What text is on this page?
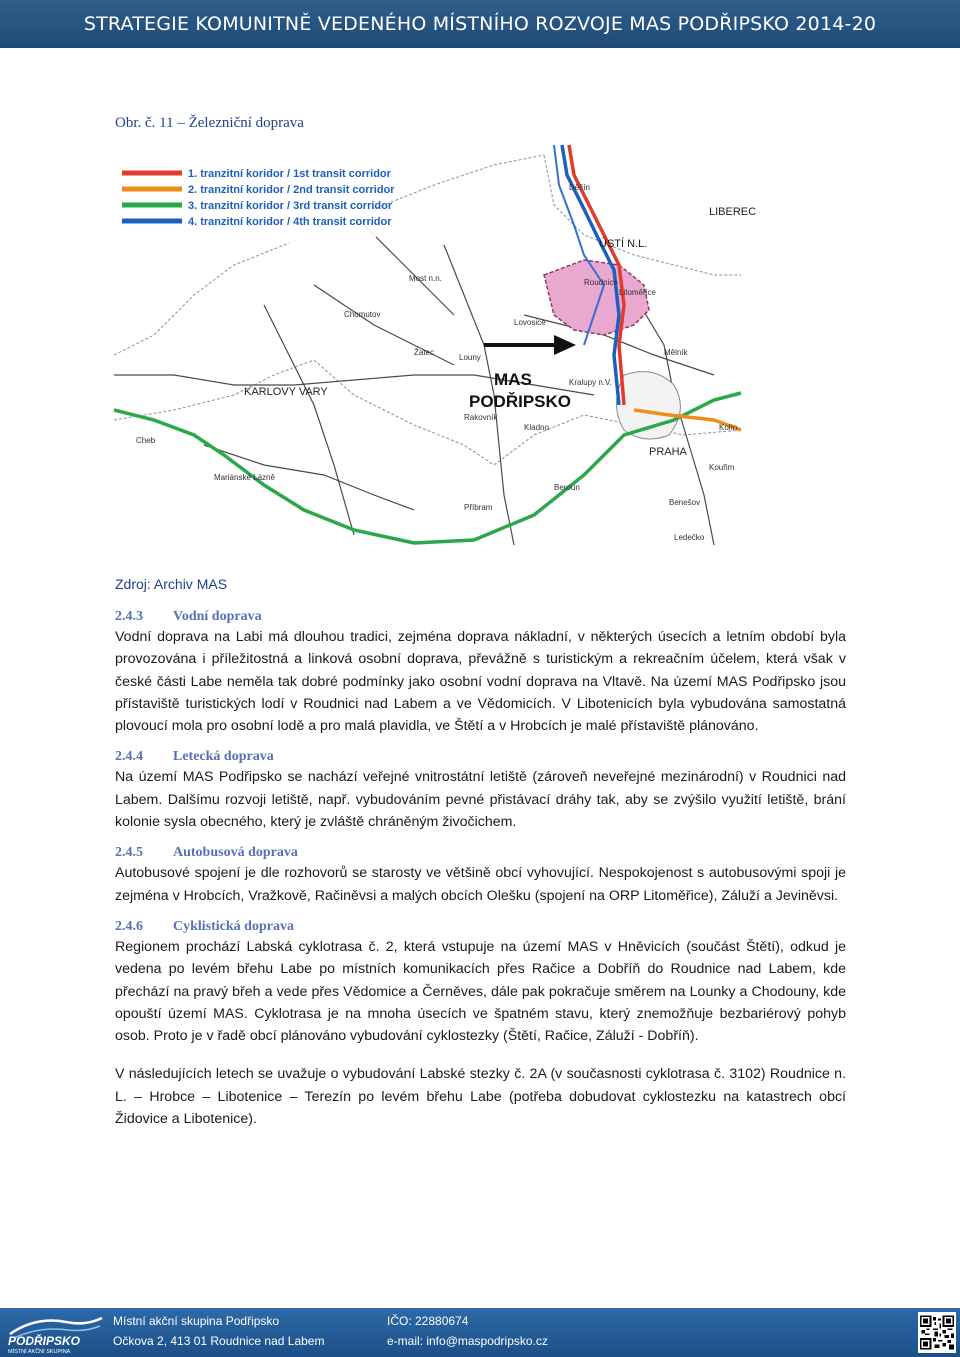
STRATEGIE KOMUNITNĚ VEDENÉHO MÍSTNÍHO ROZVOJE MAS PODŘIPSKO 2014-20
Obr. č. 11 – Železniční doprava
1. tranzitní koridor / 1st transit corridor
2. tranzitní koridor / 2nd transit corridor
3. tranzitní koridor / 3rd transit corridor
4. tranzitní koridor / 4th transit corridor
MAS
PODŘIPSKO
ÚSTÍ N.L.
KARLOVY VARY
PRAHA
LIBEREC
Kralupy n.V.
Roudnice
Most n.n.
Chomutov
Žatec
Louny
Rakovník
Kladno
Beroun
Cheb
Mělník
Děčín
Litoměřice
Lovosice
Mariánské Lázně
Kolín
Kouřim
Benešov
Příbram
Ledečko
Zdroj: Archiv MAS
2.4.3 Vodní doprava
Vodní doprava na Labi má dlouhou tradici, zejména doprava nákladní, v některých úsecích a letním období byla provozována i příležitostná a linková osobní doprava, převážně s turistickým a rekreačním účelem, která však v české části Labe neměla tak dobré podmínky jako osobní vodní doprava na Vltavě. Na území MAS Podřipsko jsou přístaviště turistických lodí v Roudnici nad Labem a ve Vědomicích. V Libotenicích byla vybudována samostatná plovoucí mola pro osobní lodě a pro malá plavidla, ve Štětí a v Hrobcích je malé přístaviště plánováno.
2.4.4 Letecká doprava
Na území MAS Podřipsko se nachází veřejné vnitrostátní letiště (zároveň neveřejné mezinárodní) v Roudnici nad Labem. Dalšímu rozvoji letiště, např. vybudováním pevné přistávací dráhy tak, aby se zvýšilo využití letiště, brání kolonie sysla obecného, který je zvláště chráněným živočichem.
2.4.5 Autobusová doprava
Autobusové spojení je dle rozhovorů se starosty ve většině obcí vyhovující. Nespokojenost s autobusovými spoji je zejména v Hrobcích, Vražkově, Račiněvsi a malých obcích Olešku (spojení na ORP Litoměřice), Záluží a Jeviněvsi.
2.4.6 Cyklistická doprava
Regionem prochází Labská cyklotrasa č. 2, která vstupuje na území MAS v Hněvicích (součást Štětí), odkud je vedena po levém břehu Labe po místních komunikacích přes Račice a Dobříň do Roudnice nad Labem, kde přechází na pravý břeh a vede přes Vědomice a Černěves, dále pak pokračuje směrem na Lounky a Chodouny, kde opouští území MAS. Cyklotrasa je na mnoha úsecích ve špatném stavu, který znemožňuje bezbariérový pohyb osob. Proto je v řadě obcí plánováno vybudování cyklostezky (Štětí, Račice, Záluží - Dobříň).
V následujících letech se uvažuje o vybudování Labské stezky č. 2A (v současnosti cyklotrasa č. 3102) Roudnice n. L. – Hrobce – Libotenice – Terezín po levém břehu Labe (potřeba dobudovat cyklostezku na katastrech obcí Židovice a Libotenice).
PODŘIPSKO
MÍSTNÍ AKČNÍ SKUPINA
Místní akční skupina Podřipsko
Očkova 2, 413 01 Roudnice nad Labem
IČO: 22880674
e-mail: info@maspodripsko.cz
